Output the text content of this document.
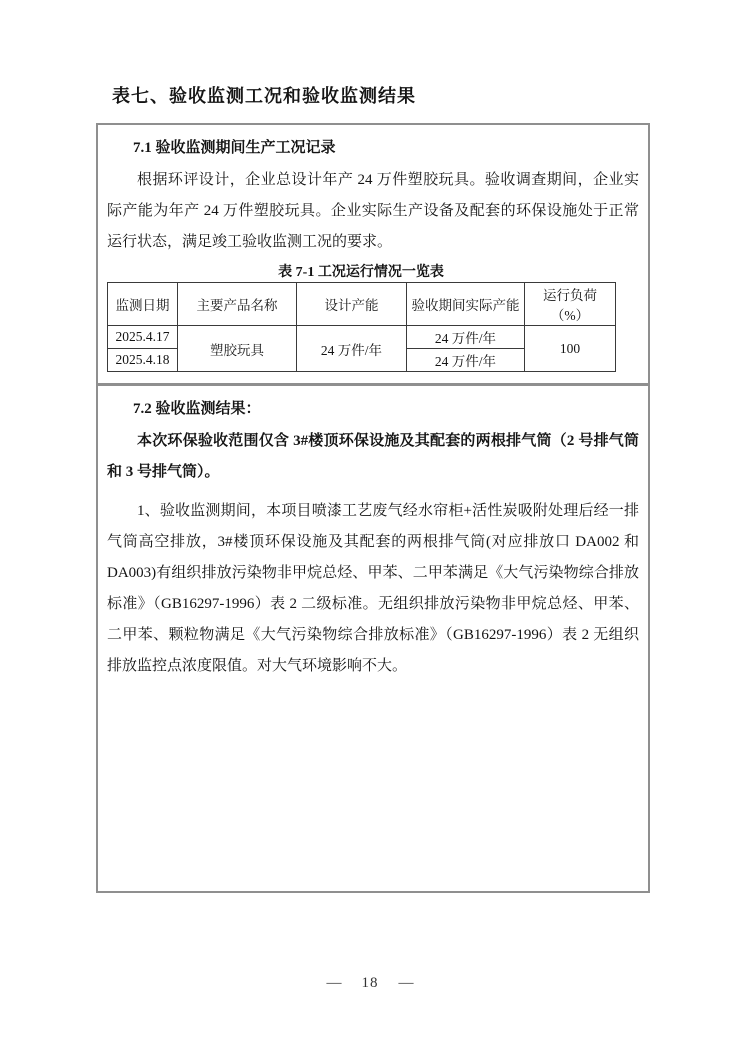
表七、验收监测工况和验收监测结果
7.1 验收监测期间生产工况记录

根据环评设计，企业总设计年产 24 万件塑胶玩具。验收调查期间，企业实际产能为年产 24 万件塑胶玩具。企业实际生产设备及配套的环保设施处于正常运行状态，满足竣工验收监测工况的要求。

表 7-1 工况运行情况一览表
监测日期	主要产品名称	设计产能	验收期间实际产能	运行负荷
（%）

2025.4.17	塑胶玩具	24 万件/年	24 万件/年	100
2025.4.18			24 万件/年	
7.2 验收监测结果：

本次环保验收范围仅含 3#楼顶环保设施及其配套的两根排气筒（2 号排气筒和 3 号排气筒）。

1、验收监测期间，本项目喷漆工艺废气经水帘柜+活性炭吸附处理后经一排气筒高空排放，3#楼顶环保设施及其配套的两根排气筒(对应排放口 DA002 和 DA003)有组织排放污染物非甲烷总烃、甲苯、二甲苯满足《大气污染物综合排放标准》（GB16297-1996）表 2 二级标准。无组织排放污染物非甲烷总烃、甲苯、二甲苯、颗粒物满足《大气污染物综合排放标准》（GB16297-1996）表 2 无组织排放监控点浓度限值。对大气环境影响不大。

— 18 —
